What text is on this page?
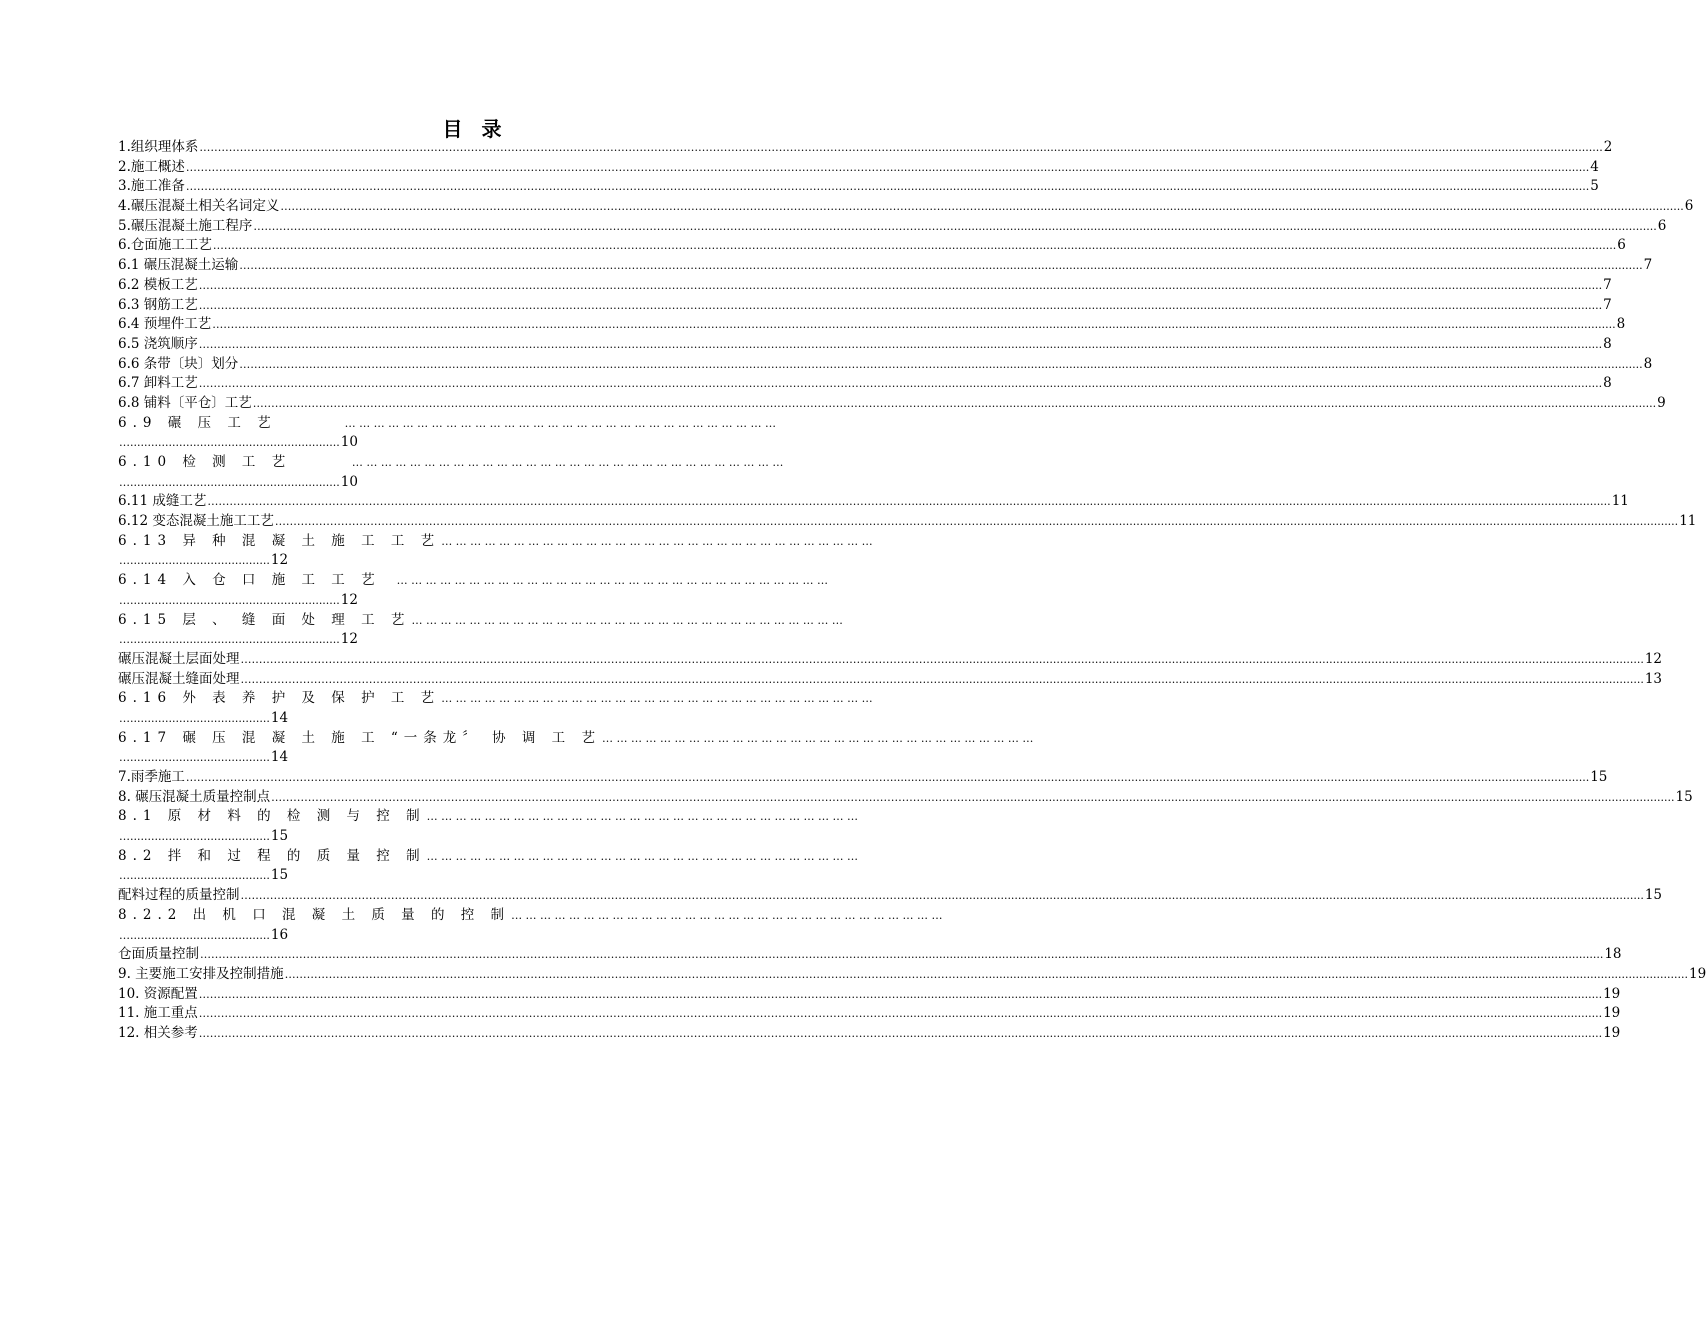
目 录
1.组织理体系 …………………………………………………………………………………………………………………………………………………………………………........................................................................................................................................................................................................ 2
2.施工概述 …………………………………………………………………………………………………………………………………………………………………………........................................................................................................................................................................................................ 4
3.施工准备 …………………………………………………………………………………………………………………………………………………………………………........................................................................................................................................................................................................ 5
4.碾压混凝土相关名词定义 …………………………………………………………………………………………………………………………………………………………………………........................................................................................................................................................................................................ 6
5.碾压混凝土施工程序 …………………………………………………………………………………………………………………………………………………………………………........................................................................................................................................................................................................ 6
6.仓面施工工艺 …………………………………………………………………………………………………………………………………………………………………………........................................................................................................................................................................................................ 6
6.1 碾压混凝土运输 …………………………………………………………………………………………………………………………………………………………………………........................................................................................................................................................................................................ 7
6.2 模板工艺 …………………………………………………………………………………………………………………………………………………………………………........................................................................................................................................................................................................ 7
6.3 钢筋工艺 …………………………………………………………………………………………………………………………………………………………………………........................................................................................................................................................................................................ 7
6.4 预埋件工艺 …………………………………………………………………………………………………………………………………………………………………………........................................................................................................................................................................................................ 8
6.5 浇筑顺序 …………………………………………………………………………………………………………………………………………………………………………........................................................................................................................................................................................................ 8
6.6 条带〔块〕划分 …………………………………………………………………………………………………………………………………………………………………………........................................................................................................................................................................................................ 8
6.7 卸料工艺 …………………………………………………………………………………………………………………………………………………………………………........................................................................................................................................................................................................ 8
6.8 铺料〔平仓〕工艺 …………………………………………………………………………………………………………………………………………………………………………........................................................................................................................................................................................................ 9
6.9 碾 压 工 艺	… … … … … … … … … … … … … … … … … … … … … … … … … … … … … …
…............................................................ 10
6.10 检 测 工 艺	… … … … … … … … … … … … … … … … … … … … … … … … … … … … … …
…............................................................ 10
6.11 成缝工艺 …………………………………………………………………………………………………………………………………………………………………………........................................................................................................................................................................................................ 11
6.12 变态混凝土施工工艺 …………………………………………………………………………………………………………………………………………………………………………........................................................................................................................................................................................................ 11
6.13 异 种 混 凝 土 施 工 工 艺 … … … … … … … … … … … … … … … … … … … … … … … … … … … … … …
…........................................ 12
6.14 入 仓 口 施 工 工 艺	… … … … … … … … … … … … … … … … … … … … … … … … … … … … … …
…............................................................ 12
6.15 层 、 缝 面 处 理 工 艺 … … … … … … … … … … … … … … … … … … … … … … … … … … … … … …
…............................................................ 12
碾压混凝土层面处理 …………………………………………………………………………………………………………………………………………………………………………........................................................................................................................................................................................................ 12
碾压混凝土缝面处理 …………………………………………………………………………………………………………………………………………………………………………........................................................................................................................................................................................................ 13
6.16 外 表 养 护 及 保 护 工 艺 … … … … … … … … … … … … … … … … … … … … … … … … … … … … … …
…........................................ 14
6.17 碾 压 混 凝 土 施 工 “一条龙〞 协 调 工 艺 … … … … … … … … … … … … … … … … … … … … … … … … … … … … … …
…........................................ 14
7.雨季施工 …………………………………………………………………………………………………………………………………………………………………………........................................................................................................................................................................................................ 15
8. 碾压混凝土质量控制点 …………………………………………………………………………………………………………………………………………………………………………........................................................................................................................................................................................................ 15
8.1 原 材 料 的 检 测 与 控 制 … … … … … … … … … … … … … … … … … … … … … … … … … … … … … …
…........................................ 15
8.2 拌 和 过 程 的 质 量 控 制 … … … … … … … … … … … … … … … … … … … … … … … … … … … … … …
…........................................ 15
配料过程的质量控制 …………………………………………………………………………………………………………………………………………………………………………........................................................................................................................................................................................................ 15
8.2.2 出 机 口 混 凝 土 质 量 的 控 制 … … … … … … … … … … … … … … … … … … … … … … … … … … … … … …
…........................................ 16
仓面质量控制 …………………………………………………………………………………………………………………………………………………………………………........................................................................................................................................................................................................ 18
9. 主要施工安排及控制措施 …………………………………………………………………………………………………………………………………………………………………………........................................................................................................................................................................................................ 19
10. 资源配置 …………………………………………………………………………………………………………………………………………………………………………........................................................................................................................................................................................................ 19
11. 施工重点 …………………………………………………………………………………………………………………………………………………………………………........................................................................................................................................................................................................ 19
12. 相关参考 …………………………………………………………………………………………………………………………………………………………………………........................................................................................................................................................................................................ 19
